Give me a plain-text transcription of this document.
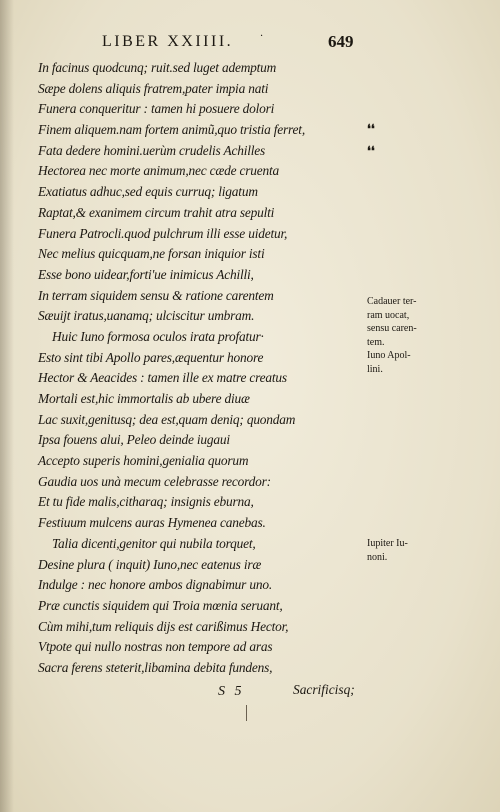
LIBER XXIIII.	·	649
In facinus quodcunq; ruit.sed luget ademptum
Sæpe dolens aliquis fratrem,pater impia nati
Funera conqueritur : tamen hi posuere dolori
Finem aliquem.nam fortem animũ,quo tristia ferret,
Fata dedere homini.uerùm crudelis Achilles
Hectorea nec morte animum,nec cæde cruenta
Exatiatus adhuc,sed equis curruq; ligatum
Raptat,& exanimem circum trahit atra sepulti
Funera Patrocli.quod pulchrum illi esse uidetur,
Nec melius quicquam,ne forsan iniquior isti
Esse bono uidear,forti'ue inimicus Achilli,
In terram siquidem sensu & ratione carentem
Sæuijt iratus,uanamq; ulciscitur umbram.
Huic Iuno formosa oculos irata profatur·
Esto sint tibi Apollo pares,æquentur honore
Hector & Aeacides : tamen ille ex matre creatus
Mortali est,hic immortalis ab ubere diuæ
Lac suxit,genitusq; dea est,quam deniq; quondam
Ipsa fouens alui, Peleo deinde iugaui
Accepto superis homini,genialia quorum
Gaudia uos unà mecum celebrasse recordor:
Et tu fide malis,citharaq; insignis eburna,
Festiuum mulcens auras Hymenea canebas.
Talia dicenti,genitor qui nubila torquet,
Desine plura ( inquit) Iuno,nec eatenus iræ
Indulge : nec honore ambos dignabimur uno.
Præ cunctis siquidem qui Troia mœnia seruant,
Cùm mihi,tum reliquis dijs est carißimus Hector,
Vtpote qui nullo nostras non tempore ad aras
Sacra ferens steterit,libamina debita fundens,
❛❛
❛❛
Cadauer ter-
ram uocat,
sensu caren-
tem.
Iuno Apol-
lini.
Iupiter Iu-
noni.
S 5	Sacrificisq;
